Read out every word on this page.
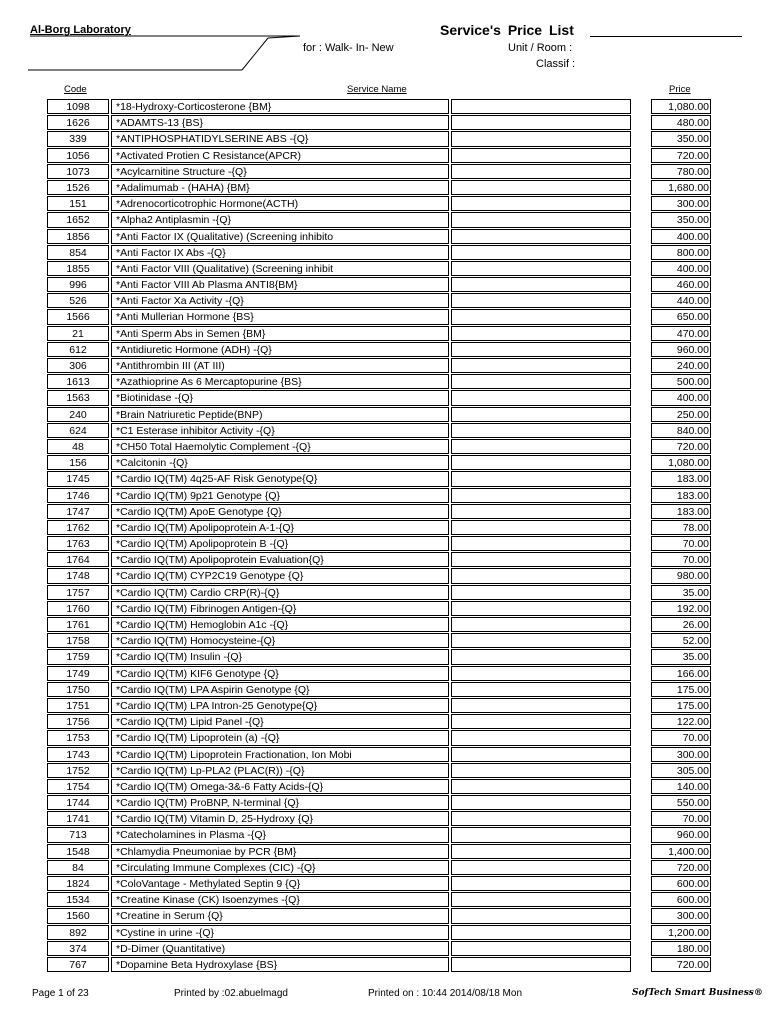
Al-Borg Laboratory	Service's Price List
for : Walk- In- New	Unit / Room :
Classif :
Code	Service Name	Price
1098	*18-Hydroxy-Corticosterone {BM}	1,080.00
1626	*ADAMTS-13 {BS}	480.00
339	*ANTIPHOSPHATIDYLSERINE ABS -{Q}	350.00
1056	*Activated Protien C Resistance(APCR)	720.00
1073	*Acylcarnitine Structure -{Q}	780.00
1526	*Adalimumab - (HAHA) {BM}	1,680.00
151	*Adrenocorticotrophic Hormone(ACTH)	300.00
1652	*Alpha2 Antiplasmin -{Q}	350.00
1856	*Anti Factor IX (Qualitative) (Screening inhibito	400.00
854	*Anti Factor IX Abs -{Q}	800.00
1855	*Anti Factor VIII (Qualitative) (Screening inhibit	400.00
996	*Anti Factor VIII Ab Plasma ANTI8{BM}	460.00
526	*Anti Factor Xa Activity -{Q}	440.00
1566	*Anti Mullerian Hormone {BS}	650.00
21	*Anti Sperm Abs in Semen {BM}	470.00
612	*Antidiuretic Hormone (ADH) -{Q}	960.00
306	*Antithrombin III (AT III)	240.00
1613	*Azathioprine As 6 Mercaptopurine {BS}	500.00
1563	*Biotinidase -{Q}	400.00
240	*Brain Natriuretic Peptide(BNP)	250.00
624	*C1 Esterase inhibitor Activity -{Q}	840.00
48	*CH50 Total Haemolytic Complement -{Q}	720.00
156	*Calcitonin -{Q}	1,080.00
1745	*Cardio IQ(TM) 4q25-AF Risk Genotype{Q}	183.00
1746	*Cardio IQ(TM) 9p21 Genotype {Q}	183.00
1747	*Cardio IQ(TM) ApoE Genotype {Q}	183.00
1762	*Cardio IQ(TM) Apolipoprotein A-1-{Q}	78.00
1763	*Cardio IQ(TM) Apolipoprotein B -{Q}	70.00
1764	*Cardio IQ(TM) Apolipoprotein Evaluation{Q}	70.00
1748	*Cardio IQ(TM) CYP2C19 Genotype {Q}	980.00
1757	*Cardio IQ(TM) Cardio CRP(R)-{Q}	35.00
1760	*Cardio IQ(TM) Fibrinogen Antigen-{Q}	192.00
1761	*Cardio IQ(TM) Hemoglobin A1c -{Q}	26.00
1758	*Cardio IQ(TM) Homocysteine-{Q}	52.00
1759	*Cardio IQ(TM) Insulin -{Q}	35.00
1749	*Cardio IQ(TM) KIF6 Genotype {Q}	166.00
1750	*Cardio IQ(TM) LPA Aspirin Genotype {Q}	175.00
1751	*Cardio IQ(TM) LPA Intron-25 Genotype{Q}	175.00
1756	*Cardio IQ(TM) Lipid Panel -{Q}	122.00
1753	*Cardio IQ(TM) Lipoprotein (a) -{Q}	70.00
1743	*Cardio IQ(TM) Lipoprotein Fractionation, Ion Mobi	300.00
1752	*Cardio IQ(TM) Lp-PLA2 (PLAC(R)) -{Q}	305.00
1754	*Cardio IQ(TM) Omega-3&-6 Fatty Acids-{Q}	140.00
1744	*Cardio IQ(TM) ProBNP, N-terminal {Q}	550.00
1741	*Cardio IQ(TM) Vitamin D, 25-Hydroxy {Q}	70.00
713	*Catecholamines in Plasma -{Q}	960.00
1548	*Chlamydia Pneumoniae by PCR {BM}	1,400.00
84	*Circulating Immune Complexes (CIC) -{Q}	720.00
1824	*ColoVantage - Methylated Septin 9 {Q}	600.00
1534	*Creatine Kinase (CK) Isoenzymes -{Q}	600.00
1560	*Creatine in Serum {Q}	300.00
892	*Cystine in urine -{Q}	1,200.00
374	*D-Dimer (Quantitative)	180.00
767	*Dopamine Beta Hydroxylase {BS}	720.00
Page 1 of 23	Printed by :02.abuelmagd	Printed on : 10:44 2014/08/18 Mon	SofTech Smart Business®
